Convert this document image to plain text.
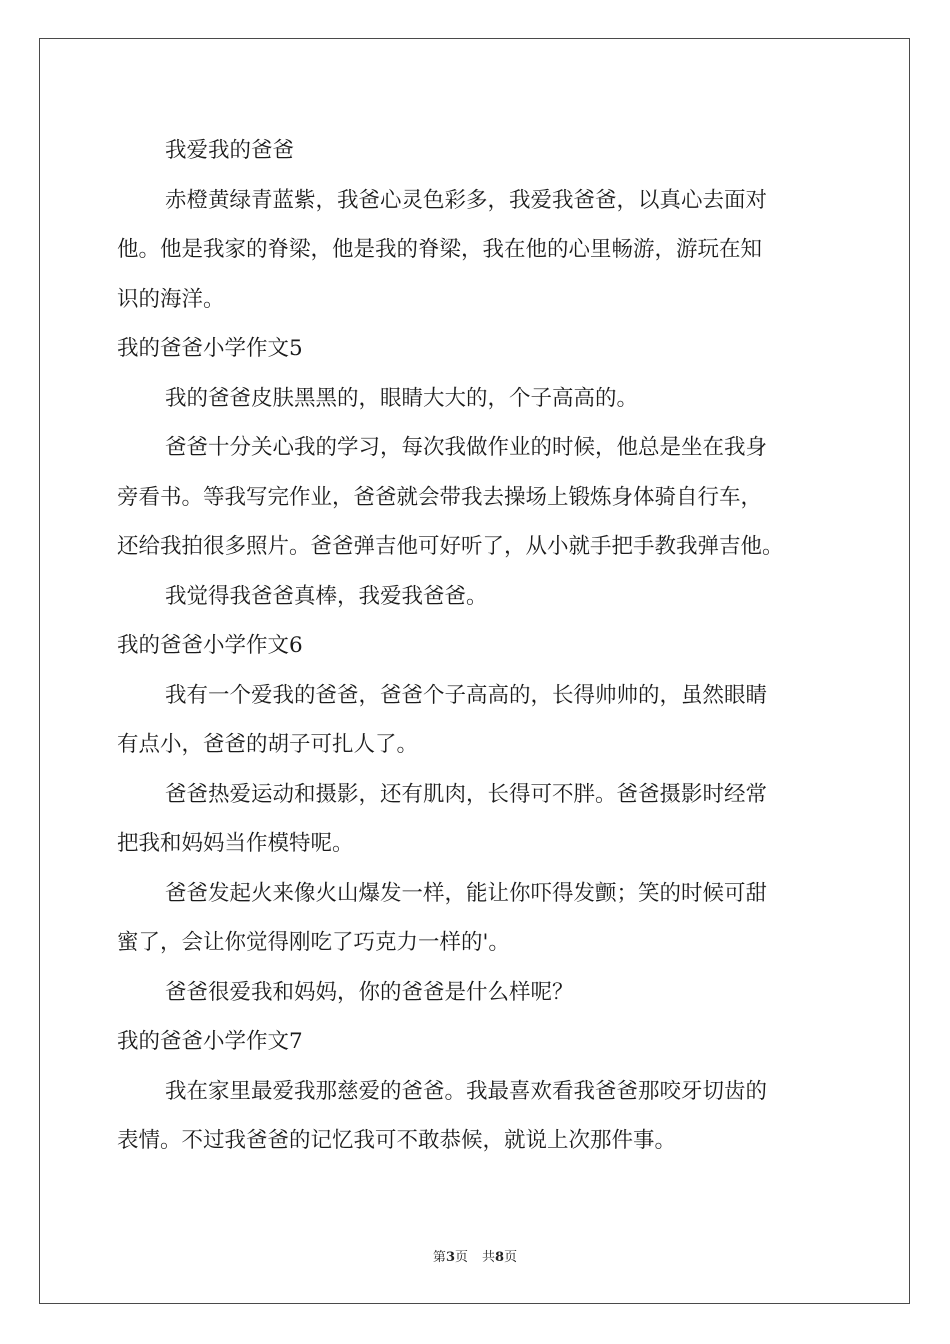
我爱我的爸爸
赤橙黄绿青蓝紫，我爸心灵色彩多，我爱我爸爸，以真心去面对
他。他是我家的脊梁，他是我的脊梁，我在他的心里畅游，游玩在知
识的海洋。
我的爸爸小学作文5
我的爸爸皮肤黑黑的，眼睛大大的，个子高高的。
爸爸十分关心我的学习，每次我做作业的时候，他总是坐在我身
旁看书。等我写完作业，爸爸就会带我去操场上锻炼身体骑自行车，
还给我拍很多照片。爸爸弹吉他可好听了，从小就手把手教我弹吉他。
我觉得我爸爸真棒，我爱我爸爸。
我的爸爸小学作文6
我有一个爱我的爸爸，爸爸个子高高的，长得帅帅的，虽然眼睛
有点小，爸爸的胡子可扎人了。
爸爸热爱运动和摄影，还有肌肉，长得可不胖。爸爸摄影时经常
把我和妈妈当作模特呢。
爸爸发起火来像火山爆发一样，能让你吓得发颤；笑的时候可甜
蜜了，会让你觉得刚吃了巧克力一样的'。
爸爸很爱我和妈妈，你的爸爸是什么样呢？
我的爸爸小学作文7
我在家里最爱我那慈爱的爸爸。我最喜欢看我爸爸那咬牙切齿的
表情。不过我爸爸的记忆我可不敢恭候，就说上次那件事。
第3页 共8页
